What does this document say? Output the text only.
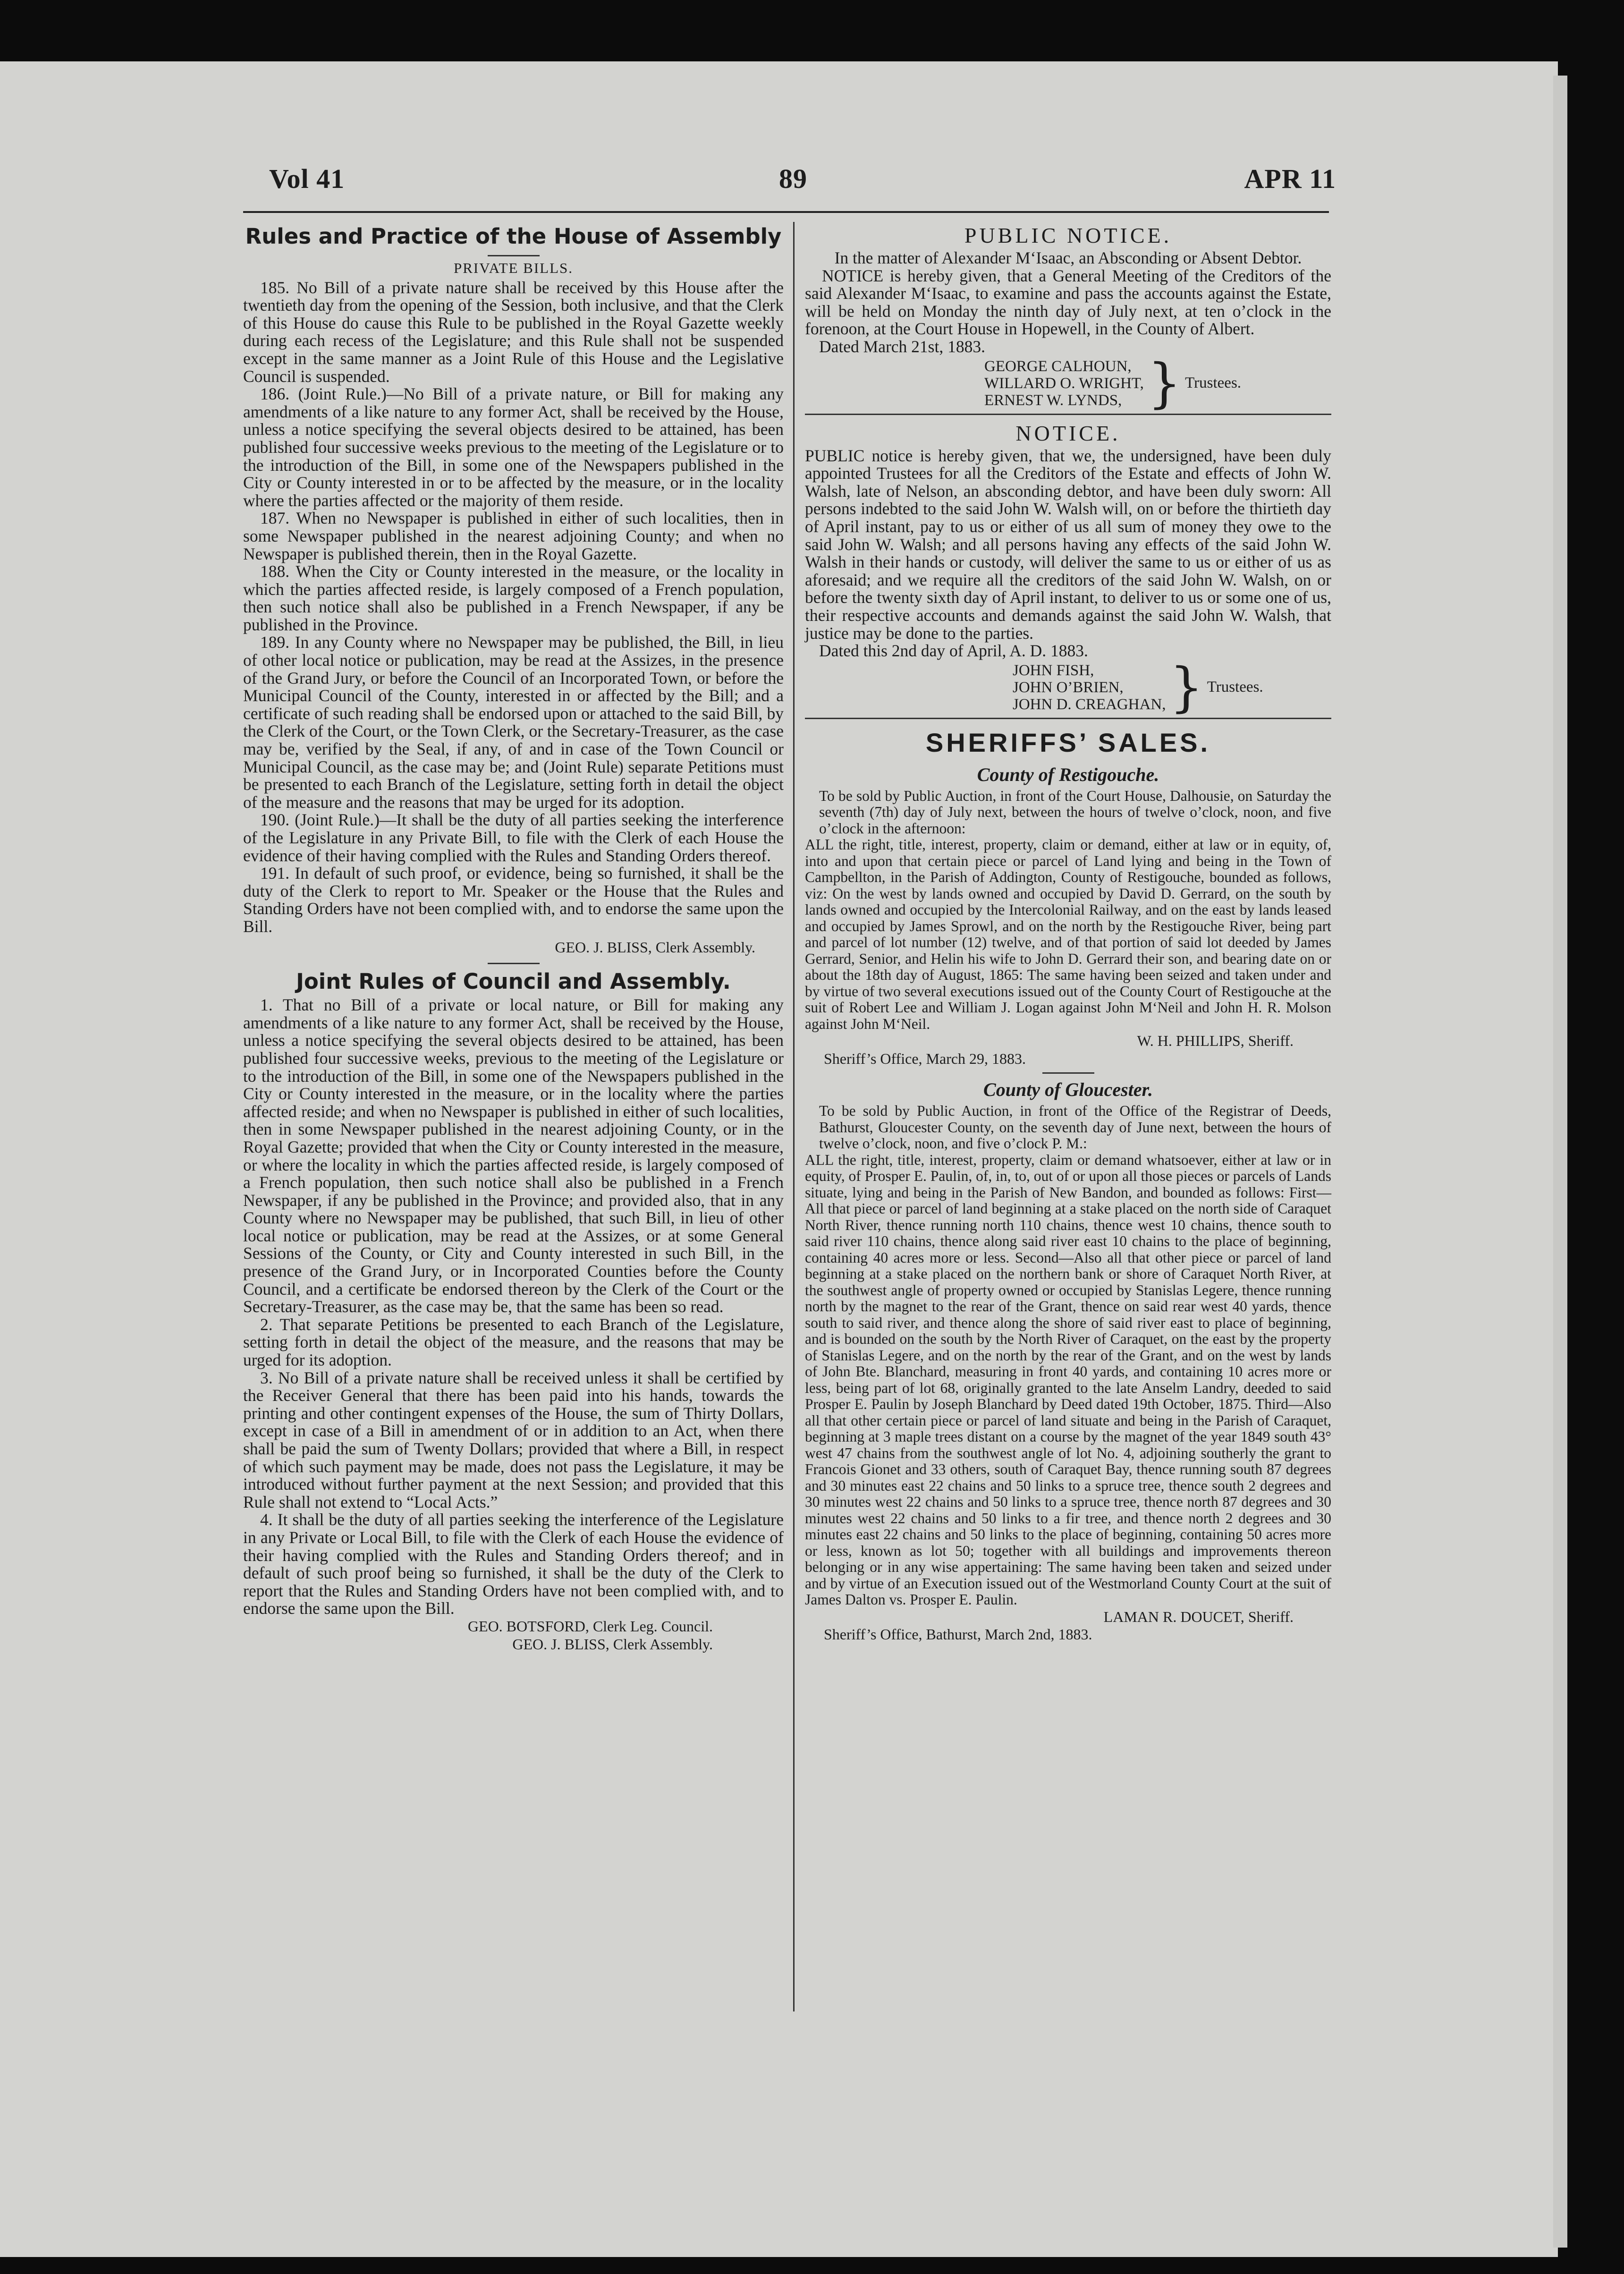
Vol 41	89	APR 11
Rules and Practice of the House of Assembly
PRIVATE BILLS.

185. No Bill of a private nature shall be received by this House after the twentieth day from the opening of the Session, both inclusive, and that the Clerk of this House do cause this Rule to be published in the Royal Gazette weekly during each recess of the Legislature; and this Rule shall not be suspended except in the same manner as a Joint Rule of this House and the Legislative Council is suspended.

186. (Joint Rule.)—No Bill of a private nature, or Bill for making any amendments of a like nature to any former Act, shall be received by the House, unless a notice specifying the several objects desired to be attained, has been published four successive weeks previous to the meeting of the Legislature or to the introduction of the Bill, in some one of the Newspapers published in the City or County interested in or to be affected by the measure, or in the locality where the parties affected or the majority of them reside.

187. When no Newspaper is published in either of such localities, then in some Newspaper published in the nearest adjoining County; and when no Newspaper is published therein, then in the Royal Gazette.

188. When the City or County interested in the measure, or the locality in which the parties affected reside, is largely composed of a French population, then such notice shall also be published in a French Newspaper, if any be published in the Province.

189. In any County where no Newspaper may be published, the Bill, in lieu of other local notice or publication, may be read at the Assizes, in the presence of the Grand Jury, or before the Council of an Incorporated Town, or before the Municipal Council of the County, interested in or affected by the Bill; and a certificate of such reading shall be endorsed upon or attached to the said Bill, by the Clerk of the Court, or the Town Clerk, or the Secretary-Treasurer, as the case may be, verified by the Seal, if any, of and in case of the Town Council or Municipal Council, as the case may be; and (Joint Rule) separate Petitions must be presented to each Branch of the Legislature, setting forth in detail the object of the measure and the reasons that may be urged for its adoption.

190. (Joint Rule.)—It shall be the duty of all parties seeking the interference of the Legislature in any Private Bill, to file with the Clerk of each House the evidence of their having complied with the Rules and Standing Orders thereof.

191. In default of such proof, or evidence, being so furnished, it shall be the duty of the Clerk to report to Mr. Speaker or the House that the Rules and Standing Orders have not been complied with, and to endorse the same upon the Bill.

GEO. J. BLISS, Clerk Assembly.
Joint Rules of Council and Assembly.

1. That no Bill of a private or local nature, or Bill for making any amendments of a like nature to any former Act, shall be received by the House, unless a notice specifying the several objects desired to be attained, has been published four successive weeks, previous to the meeting of the Legislature or to the introduction of the Bill, in some one of the Newspapers published in the City or County interested in the measure, or in the locality where the parties affected reside; and when no Newspaper is published in either of such localities, then in some Newspaper published in the nearest adjoining County, or in the Royal Gazette; provided that when the City or County interested in the measure, or where the locality in which the parties affected reside, is largely composed of a French population, then such notice shall also be published in a French Newspaper, if any be published in the Province; and provided also, that in any County where no Newspaper may be published, that such Bill, in lieu of other local notice or publication, may be read at the Assizes, or at some General Sessions of the County, or City and County interested in such Bill, in the presence of the Grand Jury, or in Incorporated Counties before the County Council, and a certificate be endorsed thereon by the Clerk of the Court or the Secretary-Treasurer, as the case may be, that the same has been so read.

2. That separate Petitions be presented to each Branch of the Legislature, setting forth in detail the object of the measure, and the reasons that may be urged for its adoption.

3. No Bill of a private nature shall be received unless it shall be certified by the Receiver General that there has been paid into his hands, towards the printing and other contingent expenses of the House, the sum of Thirty Dollars, except in case of a Bill in amendment of or in addition to an Act, when there shall be paid the sum of Twenty Dollars; provided that where a Bill, in respect of which such payment may be made, does not pass the Legislature, it may be introduced without further payment at the next Session; and provided that this Rule shall not extend to “Local Acts.”

4. It shall be the duty of all parties seeking the interference of the Legislature in any Private or Local Bill, to file with the Clerk of each House the evidence of their having complied with the Rules and Standing Orders thereof; and in default of such proof being so furnished, it shall be the duty of the Clerk to report that the Rules and Standing Orders have not been complied with, and to endorse the same upon the Bill.

GEO. BOTSFORD, Clerk Leg. Council.
GEO. J. BLISS, Clerk Assembly.
PUBLIC NOTICE.

In the matter of Alexander M‘Isaac, an Absconding or Absent Debtor.

NOTICE is hereby given, that a General Meeting of the Creditors of the said Alexander M‘Isaac, to examine and pass the accounts against the Estate, will be held on Monday the ninth day of July next, at ten o’clock in the forenoon, at the Court House in Hopewell, in the County of Albert.

Dated March 21st, 1883.

GEORGE CALHOUN,
WILLARD O. WRIGHT,
ERNEST W. LYNDS, } Trustees.
NOTICE.

PUBLIC notice is hereby given, that we, the undersigned, have been duly appointed Trustees for all the Creditors of the Estate and effects of John W. Walsh, late of Nelson, an absconding debtor, and have been duly sworn: All persons indebted to the said John W. Walsh will, on or before the thirtieth day of April instant, pay to us or either of us all sum of money they owe to the said John W. Walsh; and all persons having any effects of the said John W. Walsh in their hands or custody, will deliver the same to us or either of us as aforesaid; and we require all the creditors of the said John W. Walsh, on or before the twenty sixth day of April instant, to deliver to us or some one of us, their respective accounts and demands against the said John W. Walsh, that justice may be done to the parties.

Dated this 2nd day of April, A. D. 1883.

JOHN FISH,
JOHN O’BRIEN,
JOHN D. CREAGHAN, } Trustees.
SHERIFFS’ SALES.
County of Restigouche.

To be sold by Public Auction, in front of the Court House, Dalhousie, on Saturday the seventh (7th) day of July next, between the hours of twelve o’clock, noon, and five o’clock in the afternoon:

ALL the right, title, interest, property, claim or demand, either at law or in equity, of, into and upon that certain piece or parcel of Land lying and being in the Town of Campbellton, in the Parish of Addington, County of Restigouche, bounded as follows, viz: On the west by lands owned and occupied by David D. Gerrard, on the south by lands owned and occupied by the Intercolonial Railway, and on the east by lands leased and occupied by James Sprowl, and on the north by the Restigouche River, being part and parcel of lot number (12) twelve, and of that portion of said lot deeded by James Gerrard, Senior, and Helin his wife to John D. Gerrard their son, and bearing date on or about the 18th day of August, 1865: The same having been seized and taken under and by virtue of two several executions issued out of the County Court of Restigouche at the suit of Robert Lee and William J. Logan against John M‘Neil and John H. R. Molson against John M‘Neil.

W. H. PHILLIPS, Sheriff.
Sheriff’s Office, March 29, 1883.
County of Gloucester.

To be sold by Public Auction, in front of the Office of the Registrar of Deeds, Bathurst, Gloucester County, on the seventh day of June next, between the hours of twelve o’clock, noon, and five o’clock P. M.:

ALL the right, title, interest, property, claim or demand whatsoever, either at law or in equity, of Prosper E. Paulin, of, in, to, out of or upon all those pieces or parcels of Lands situate, lying and being in the Parish of New Bandon, and bounded as follows: First—All that piece or parcel of land beginning at a stake placed on the north side of Caraquet North River, thence running north 110 chains, thence west 10 chains, thence south to said river 110 chains, thence along said river east 10 chains to the place of beginning, containing 40 acres more or less. Second—Also all that other piece or parcel of land beginning at a stake placed on the northern bank or shore of Caraquet North River, at the southwest angle of property owned or occupied by Stanislas Legere, thence running north by the magnet to the rear of the Grant, thence on said rear west 40 yards, thence south to said river, and thence along the shore of said river east to place of beginning, and is bounded on the south by the North River of Caraquet, on the east by the property of Stanislas Legere, and on the north by the rear of the Grant, and on the west by lands of John Bte. Blanchard, measuring in front 40 yards, and containing 10 acres more or less, being part of lot 68, originally granted to the late Anselm Landry, deeded to said Prosper E. Paulin by Joseph Blanchard by Deed dated 19th October, 1875. Third—Also all that other certain piece or parcel of land situate and being in the Parish of Caraquet, beginning at 3 maple trees distant on a course by the magnet of the year 1849 south 43° west 47 chains from the southwest angle of lot No. 4, adjoining southerly the grant to Francois Gionet and 33 others, south of Caraquet Bay, thence running south 87 degrees and 30 minutes east 22 chains and 50 links to a spruce tree, thence south 2 degrees and 30 minutes west 22 chains and 50 links to a spruce tree, thence north 87 degrees and 30 minutes west 22 chains and 50 links to a fir tree, and thence north 2 degrees and 30 minutes east 22 chains and 50 links to the place of beginning, containing 50 acres more or less, known as lot 50; together with all buildings and improvements thereon belonging or in any wise appertaining: The same having been taken and seized under and by virtue of an Execution issued out of the Westmorland County Court at the suit of James Dalton vs. Prosper E. Paulin.

LAMAN R. DOUCET, Sheriff.
Sheriff’s Office, Bathurst, March 2nd, 1883.
